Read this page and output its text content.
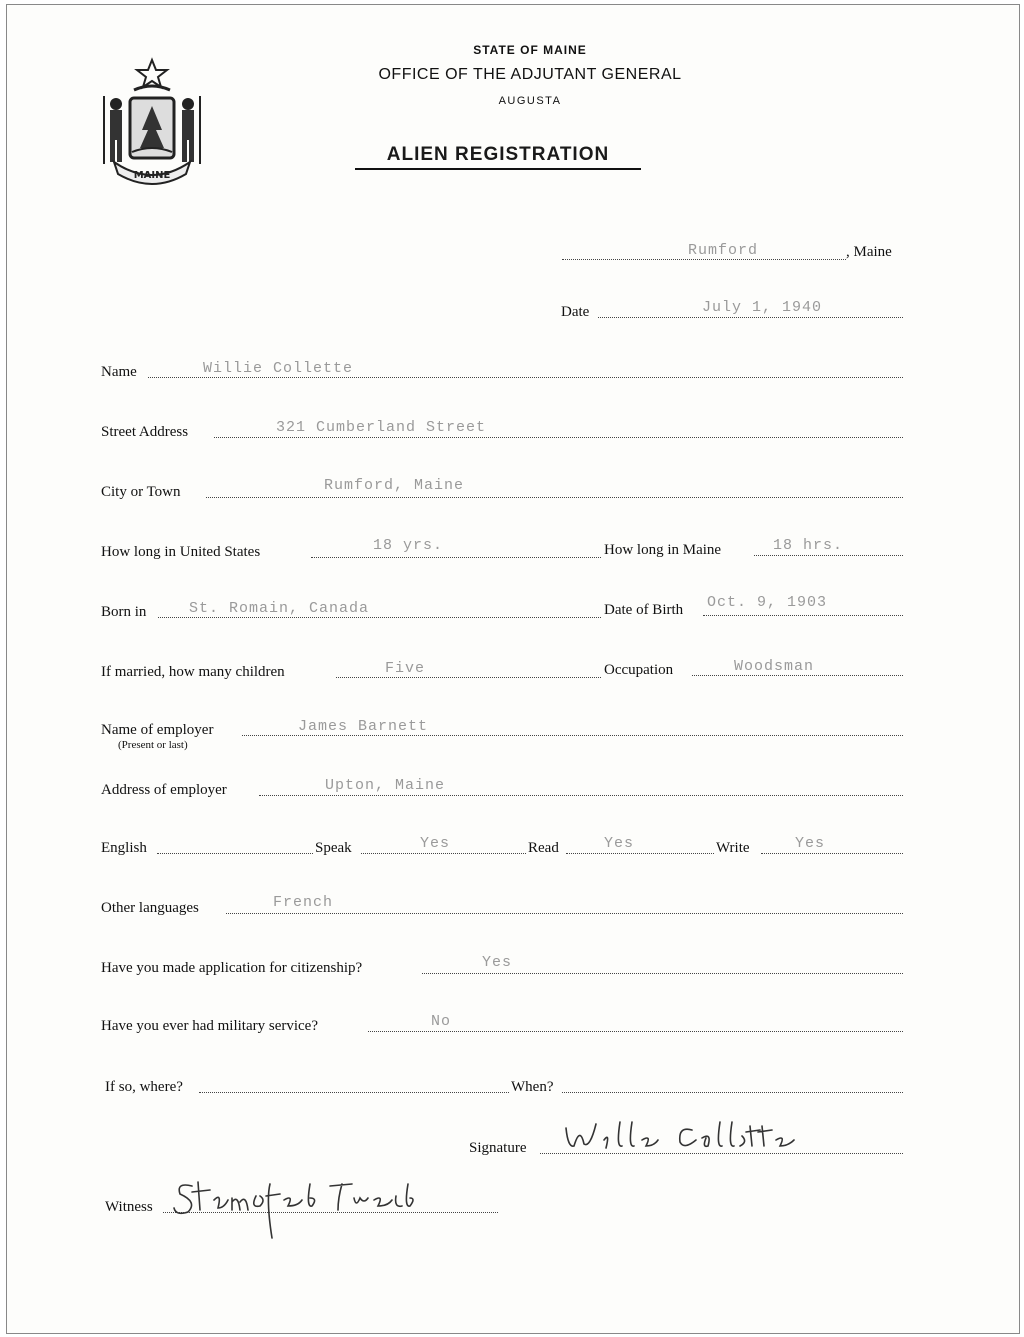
MAINE
STATE OF MAINE
OFFICE OF THE ADJUTANT GENERAL
AUGUSTA
ALIEN REGISTRATION
Rumford	, Maine
Date	July 1, 1940
Name	Willie Collette
Street Address	321 Cumberland Street
City or Town	Rumford, Maine
How long in United States	18 yrs.	How long in Maine	18 hrs.
Born in	St. Romain, Canada	Date of Birth Oct. 9, 1903
If married, how many children	Five	Occupation	Woodsman
Name of employer
(Present or last)
James Barnett
Address of employer	Upton, Maine
English	Speak	Yes	Read	Yes	Write	Yes
Other languages	French
Have you made application for citizenship?	Yes
Have you ever had military service?	No
If so, where?	When?
Signature
Witness
